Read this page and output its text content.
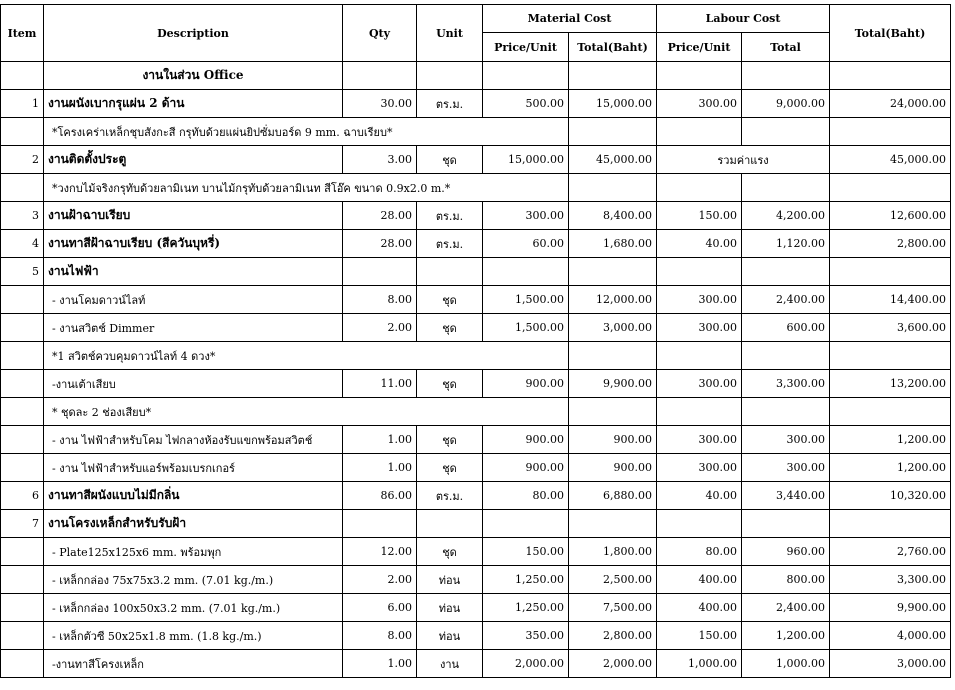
Item	Description	Qty	Unit	Material Cost		Labour Cost		Total(Baht)	
				Price/Unit	Total(Baht)	Price/Unit	Total		
	งานในส่วน Office								
1	งานผนังเบากรุแผ่น 2 ด้าน	30.00	ตร.ม.	500.00	15,000.00	300.00	9,000.00	24,000.00	
	*โครงเคร่าเหล็กชุบสังกะสี กรุทับด้วยแผ่นยิปซั่มบอร์ด 9 mm. ฉาบเรียบ*								
2	งานติดตั้งประตู	3.00	ชุด	15,000.00	45,000.00	รวมค่าแรง		45,000.00	
	*วงกบไม้จริงกรุทับด้วยลามิเนท บานไม้กรุทับด้วยลามิเนท สีโอ๊ค ขนาด 0.9x2.0 m.*								
3	งานฝ้าฉาบเรียบ	28.00	ตร.ม.	300.00	8,400.00	150.00	4,200.00	12,600.00	
4	งานทาสีฝ้าฉาบเรียบ (สีควันบุหรี่)	28.00	ตร.ม.	60.00	1,680.00	40.00	1,120.00	2,800.00	
5	งานไฟฟ้า								
	- งานโคมดาวน์ไลท์	8.00	ชุด	1,500.00	12,000.00	300.00	2,400.00	14,400.00	
	- งานสวิตช์ Dimmer	2.00	ชุด	1,500.00	3,000.00	300.00	600.00	3,600.00	
	*1 สวิตช์ควบคุมดาวน์ไลท์ 4 ดวง*								
	-งานเต้าเสียบ	11.00	ชุด	900.00	9,900.00	300.00	3,300.00	13,200.00	
	* ชุดละ 2 ช่องเสียบ*								
	- งาน ไฟฟ้าสำหรับโคม ไฟกลางห้องรับแขกพร้อมสวิตช์	1.00	ชุด	900.00	900.00	300.00	300.00	1,200.00	
	- งาน ไฟฟ้าสำหรับแอร์พร้อมเบรกเกอร์	1.00	ชุด	900.00	900.00	300.00	300.00	1,200.00	
6	งานทาสีผนังแบบไม่มีกลิ่น	86.00	ตร.ม.	80.00	6,880.00	40.00	3,440.00	10,320.00	
7	งานโครงเหล็กสำหรับรับฝ้า								
	- Plate125x125x6 mm. พร้อมพุก	12.00	ชุด	150.00	1,800.00	80.00	960.00	2,760.00	
	- เหล็กกล่อง 75x75x3.2 mm. (7.01 kg./m.)	2.00	ท่อน	1,250.00	2,500.00	400.00	800.00	3,300.00	
	- เหล็กกล่อง 100x50x3.2 mm. (7.01 kg./m.)	6.00	ท่อน	1,250.00	7,500.00	400.00	2,400.00	9,900.00	
	- เหล็กตัวซี 50x25x1.8 mm. (1.8 kg./m.)	8.00	ท่อน	350.00	2,800.00	150.00	1,200.00	4,000.00	
	-งานทาสีโครงเหล็ก	1.00	งาน	2,000.00	2,000.00	1,000.00	1,000.00	3,000.00	
